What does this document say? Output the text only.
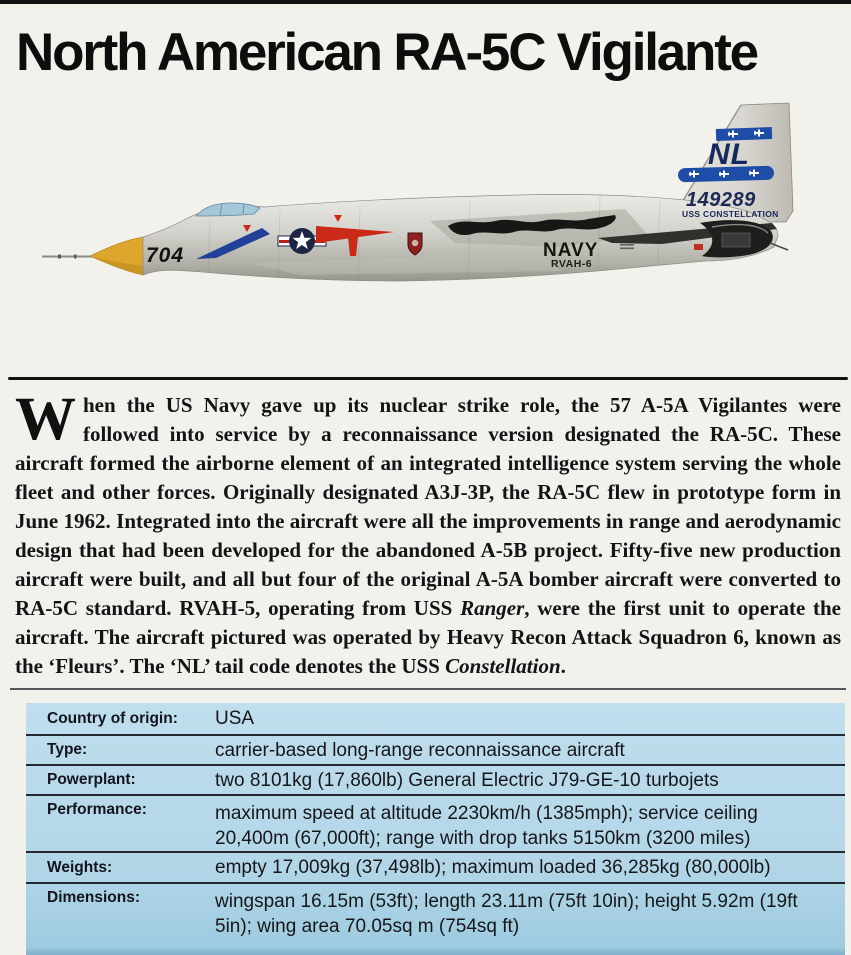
North American RA-5C Vigilante
NL
149289
USS CONSTELLATION
704	NAVY
RVAH-6
When the US Navy gave up its nuclear strike role, the 57 A-5A Vigilantes were followed into service by a reconnaissance version designated the RA-5C. These aircraft formed the airborne element of an integrated intelligence system serving the whole fleet and other forces. Originally designated A3J-3P, the RA-5C flew in prototype form in June 1962. Integrated into the aircraft were all the improvements in range and aerodynamic design that had been developed for the abandoned A-5B project. Fifty-five new production aircraft were built, and all but four of the original A-5A bomber aircraft were converted to RA-5C standard. RVAH-5, operating from USS Ranger, were the first unit to operate the aircraft. The aircraft pictured was operated by Heavy Recon Attack Squadron 6, known as the ‘Fleurs’. The ‘NL’ tail code denotes the USS Constellation.
Country of origin:	USA
Type:	carrier-based long-range reconnaissance aircraft
Powerplant:	two 8101kg (17,860lb) General Electric J79-GE-10 turbojets
Performance:	maximum speed at altitude 2230km/h (1385mph); service ceiling 20,400m (67,000ft); range with drop tanks 5150km (3200 miles)
Weights:	empty 17,009kg (37,498lb); maximum loaded 36,285kg (80,000lb)
Dimensions:	wingspan 16.15m (53ft); length 23.11m (75ft 10in); height 5.92m (19ft 5in); wing area 70.05sq m (754sq ft)
